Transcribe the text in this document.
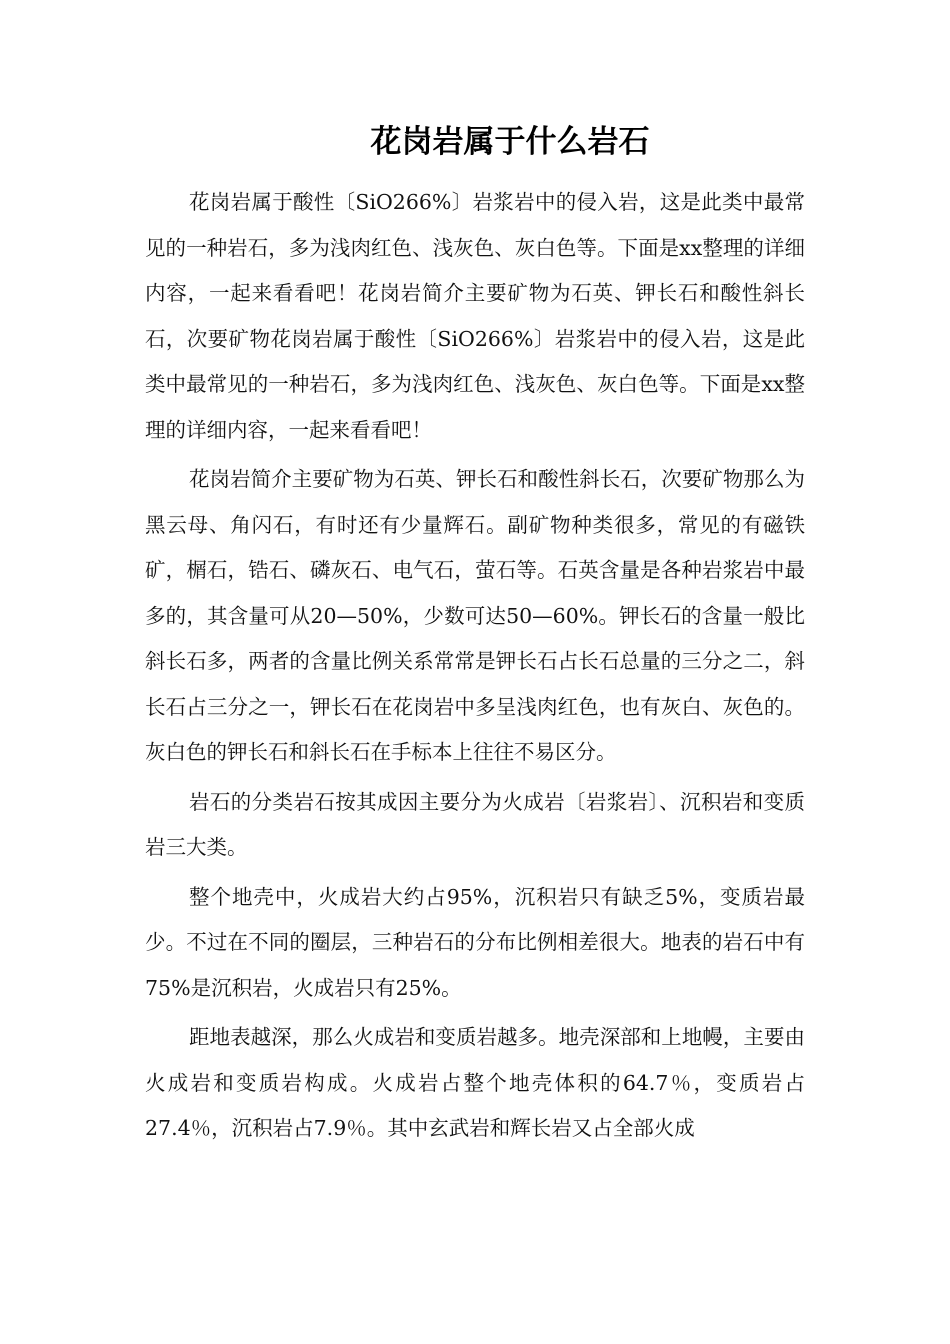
花岗岩属于什么岩石

花岗岩属于酸性〔SiO266%〕岩浆岩中的侵入岩，这是此类中最常见的一种岩石，多为浅肉红色、浅灰色、灰白色等。下面是xx整理的详细内容，一起来看看吧！花岗岩简介主要矿物为石英、钾长石和酸性斜长石，次要矿物花岗岩属于酸性〔SiO266%〕岩浆岩中的侵入岩，这是此类中最常见的一种岩石，多为浅肉红色、浅灰色、灰白色等。下面是xx整理的详细内容，一起来看看吧！

花岗岩简介主要矿物为石英、钾长石和酸性斜长石，次要矿物那么为黑云母、角闪石，有时还有少量辉石。副矿物种类很多，常见的有磁铁矿，榍石，锆石、磷灰石、电气石，萤石等。石英含量是各种岩浆岩中最多的，其含量可从20—50%，少数可达50—60%。钾长石的含量一般比斜长石多，两者的含量比例关系常常是钾长石占长石总量的三分之二，斜长石占三分之一，钾长石在花岗岩中多呈浅肉红色，也有灰白、灰色的。灰白色的钾长石和斜长石在手标本上往往不易区分。

岩石的分类岩石按其成因主要分为火成岩〔岩浆岩〕、沉积岩和变质岩三大类。

整个地壳中，火成岩大约占95%，沉积岩只有缺乏5%，变质岩最少。不过在不同的圈层，三种岩石的分布比例相差很大。地表的岩石中有75%是沉积岩，火成岩只有25%。

距地表越深，那么火成岩和变质岩越多。地壳深部和上地幔，主要由火成岩和变质岩构成。火成岩占整个地壳体积的64.7％，变质岩占27.4％，沉积岩占7.9％。其中玄武岩和辉长岩又占全部火成
